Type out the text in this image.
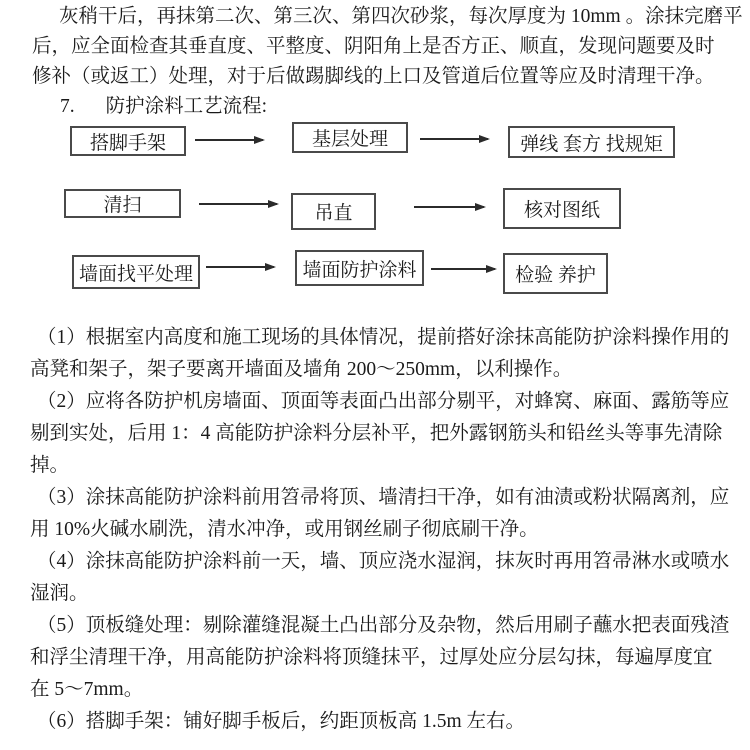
灰稍干后，再抹第二次、第三次、第四次砂浆，每次厚度为 10mm 。涂抹完磨平
后，应全面检查其垂直度、平整度、阴阳角上是否方正、顺直，发现问题要及时
修补（或返工）处理，对于后做踢脚线的上口及管道后位置等应及时清理干净。
7. 防护涂料工艺流程:
搭脚手架	基层处理	弹线 套方 找规矩
清扫	吊直	核对图纸
墙面找平处理	墙面防护涂料	检验 养护
（1）根据室内高度和施工现场的具体情况，提前搭好涂抹高能防护涂料操作用的
高凳和架子，架子要离开墙面及墙角 200～250mm，以利操作。
（2）应将各防护机房墙面、顶面等表面凸出部分剔平，对蜂窝、麻面、露筋等应
剔到实处，后用 1：4 高能防护涂料分层补平，把外露钢筋头和铅丝头等事先清除
掉。
（3）涂抹高能防护涂料前用笤帚将顶、墙清扫干净，如有油渍或粉状隔离剂，应
用 10%火碱水刷洗，清水冲净，或用钢丝刷子彻底刷干净。
（4）涂抹高能防护涂料前一天，墙、顶应浇水湿润，抹灰时再用笤帚淋水或喷水
湿润。
（5）顶板缝处理：剔除灌缝混凝土凸出部分及杂物，然后用刷子蘸水把表面残渣
和浮尘清理干净，用高能防护涂料将顶缝抹平，过厚处应分层勾抹，每遍厚度宜
在 5～7mm。
（6）搭脚手架：铺好脚手板后，约距顶板高 1.5m 左右。
